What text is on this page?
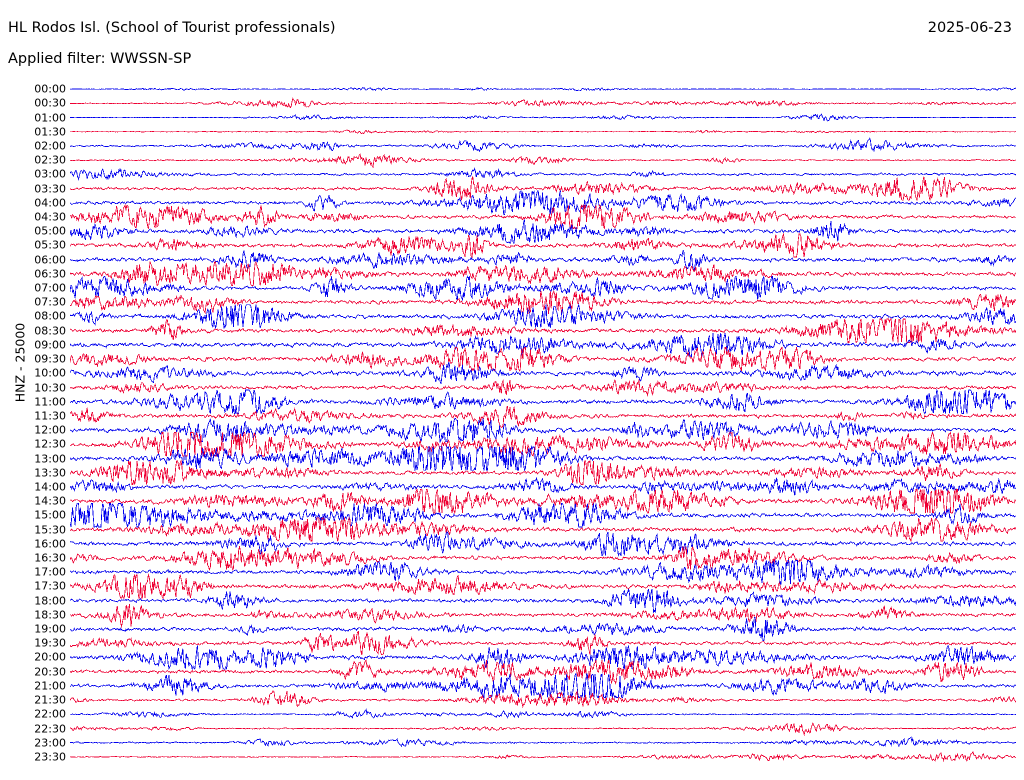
HL Rodos Isl. (School of Tourist professionals)	2025-06-23
Applied filter: WWSSN-SP
HNZ - 25000
00:00
00:30
01:00
01:30
02:00
02:30
03:00
03:30
04:00
04:30
05:00
05:30
06:00
06:30
07:00
07:30
08:00
08:30
09:00
09:30
10:00
10:30
11:00
11:30
12:00
12:30
13:00
13:30
14:00
14:30
15:00
15:30
16:00
16:30
17:00
17:30
18:00
18:30
19:00
19:30
20:00
20:30
21:00
21:30
22:00
22:30
23:00
23:30
